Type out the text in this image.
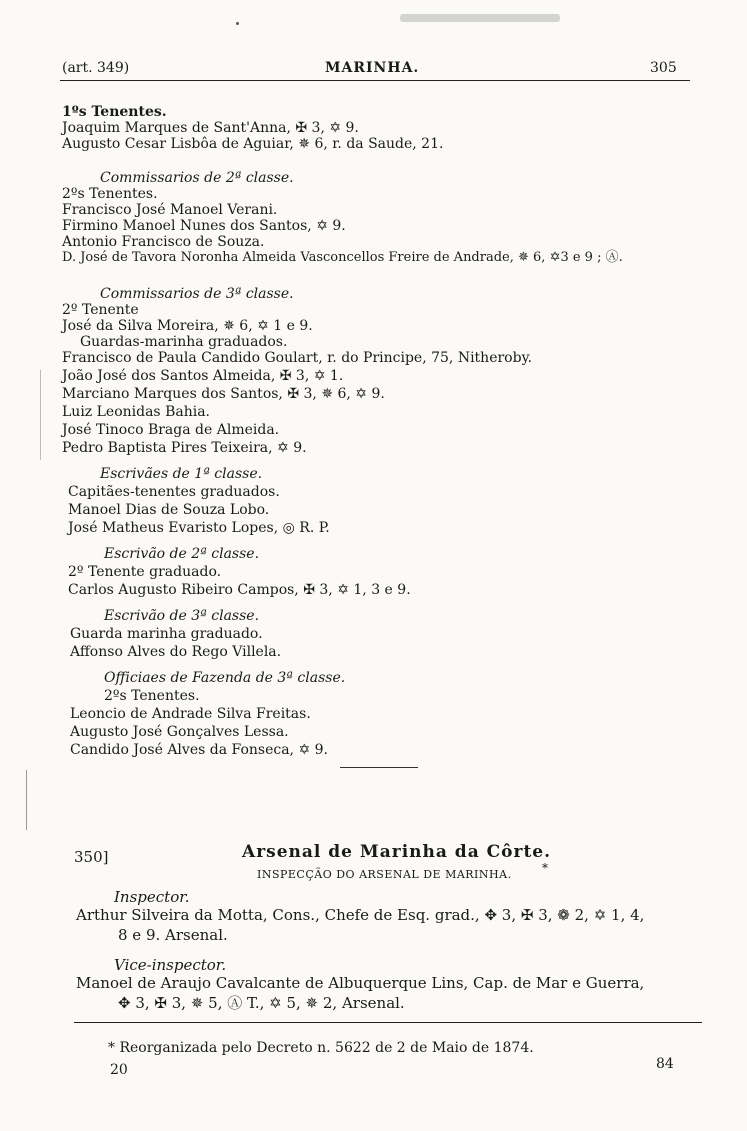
(art. 349)	MARINHA.	305
1ºs Tenentes.
Joaquim Marques de Sant'Anna, ✠ 3, ✡ 9.
Augusto Cesar Lisbôa de Aguiar, ✵ 6, r. da Saude, 21.
Commissarios de 2ª classe.
2ºs Tenentes.
Francisco José Manoel Verani.
Firmino Manoel Nunes dos Santos, ✡ 9.
Antonio Francisco de Souza.
D. José de Tavora Noronha Almeida Vasconcellos Freire de Andrade, ✵ 6, ✡3 e 9 ; Ⓐ.
Commissarios de 3ª classe.
2º Tenente
José da Silva Moreira, ✵ 6, ✡ 1 e 9.
Guardas-marinha graduados.
Francisco de Paula Candido Goulart, r. do Principe, 75, Nitheroby.
João José dos Santos Almeida, ✠ 3, ✡ 1.
Marciano Marques dos Santos, ✠ 3, ✵ 6, ✡ 9.
Luiz Leonidas Bahia.
José Tinoco Braga de Almeida.
Pedro Baptista Pires Teixeira, ✡ 9.
Escrivães de 1ª classe.
Capitães-tenentes graduados.
Manoel Dias de Souza Lobo.
José Matheus Evaristo Lopes, ◎ R. P.
Escrivão de 2ª classe.
2º Tenente graduado.
Carlos Augusto Ribeiro Campos, ✠ 3, ✡ 1, 3 e 9.
Escrivão de 3ª classe.
Guarda marinha graduado.
Affonso Alves do Rego Villela.
Officiaes de Fazenda de 3ª classe.
2ºs Tenentes.
Leoncio de Andrade Silva Freitas.
Augusto José Gonçalves Lessa.
Candido José Alves da Fonseca, ✡ 9.
350]	Arsenal de Marinha da Côrte.
*
INSPECÇÃO DO ARSENAL DE MARINHA.
Inspector.
Arthur Silveira da Motta, Cons., Chefe de Esq. grad., ✥ 3, ✠ 3, ❁ 2, ✡ 1, 4,
8 e 9. Arsenal.
Vice-inspector.
Manoel de Araujo Cavalcante de Albuquerque Lins, Cap. de Mar e Guerra,
✥ 3, ✠ 3, ✵ 5, Ⓐ T., ✡ 5, ✵ 2, Arsenal.
* Reorganizada pelo Decreto n. 5622 de 2 de Maio de 1874.
20	84
